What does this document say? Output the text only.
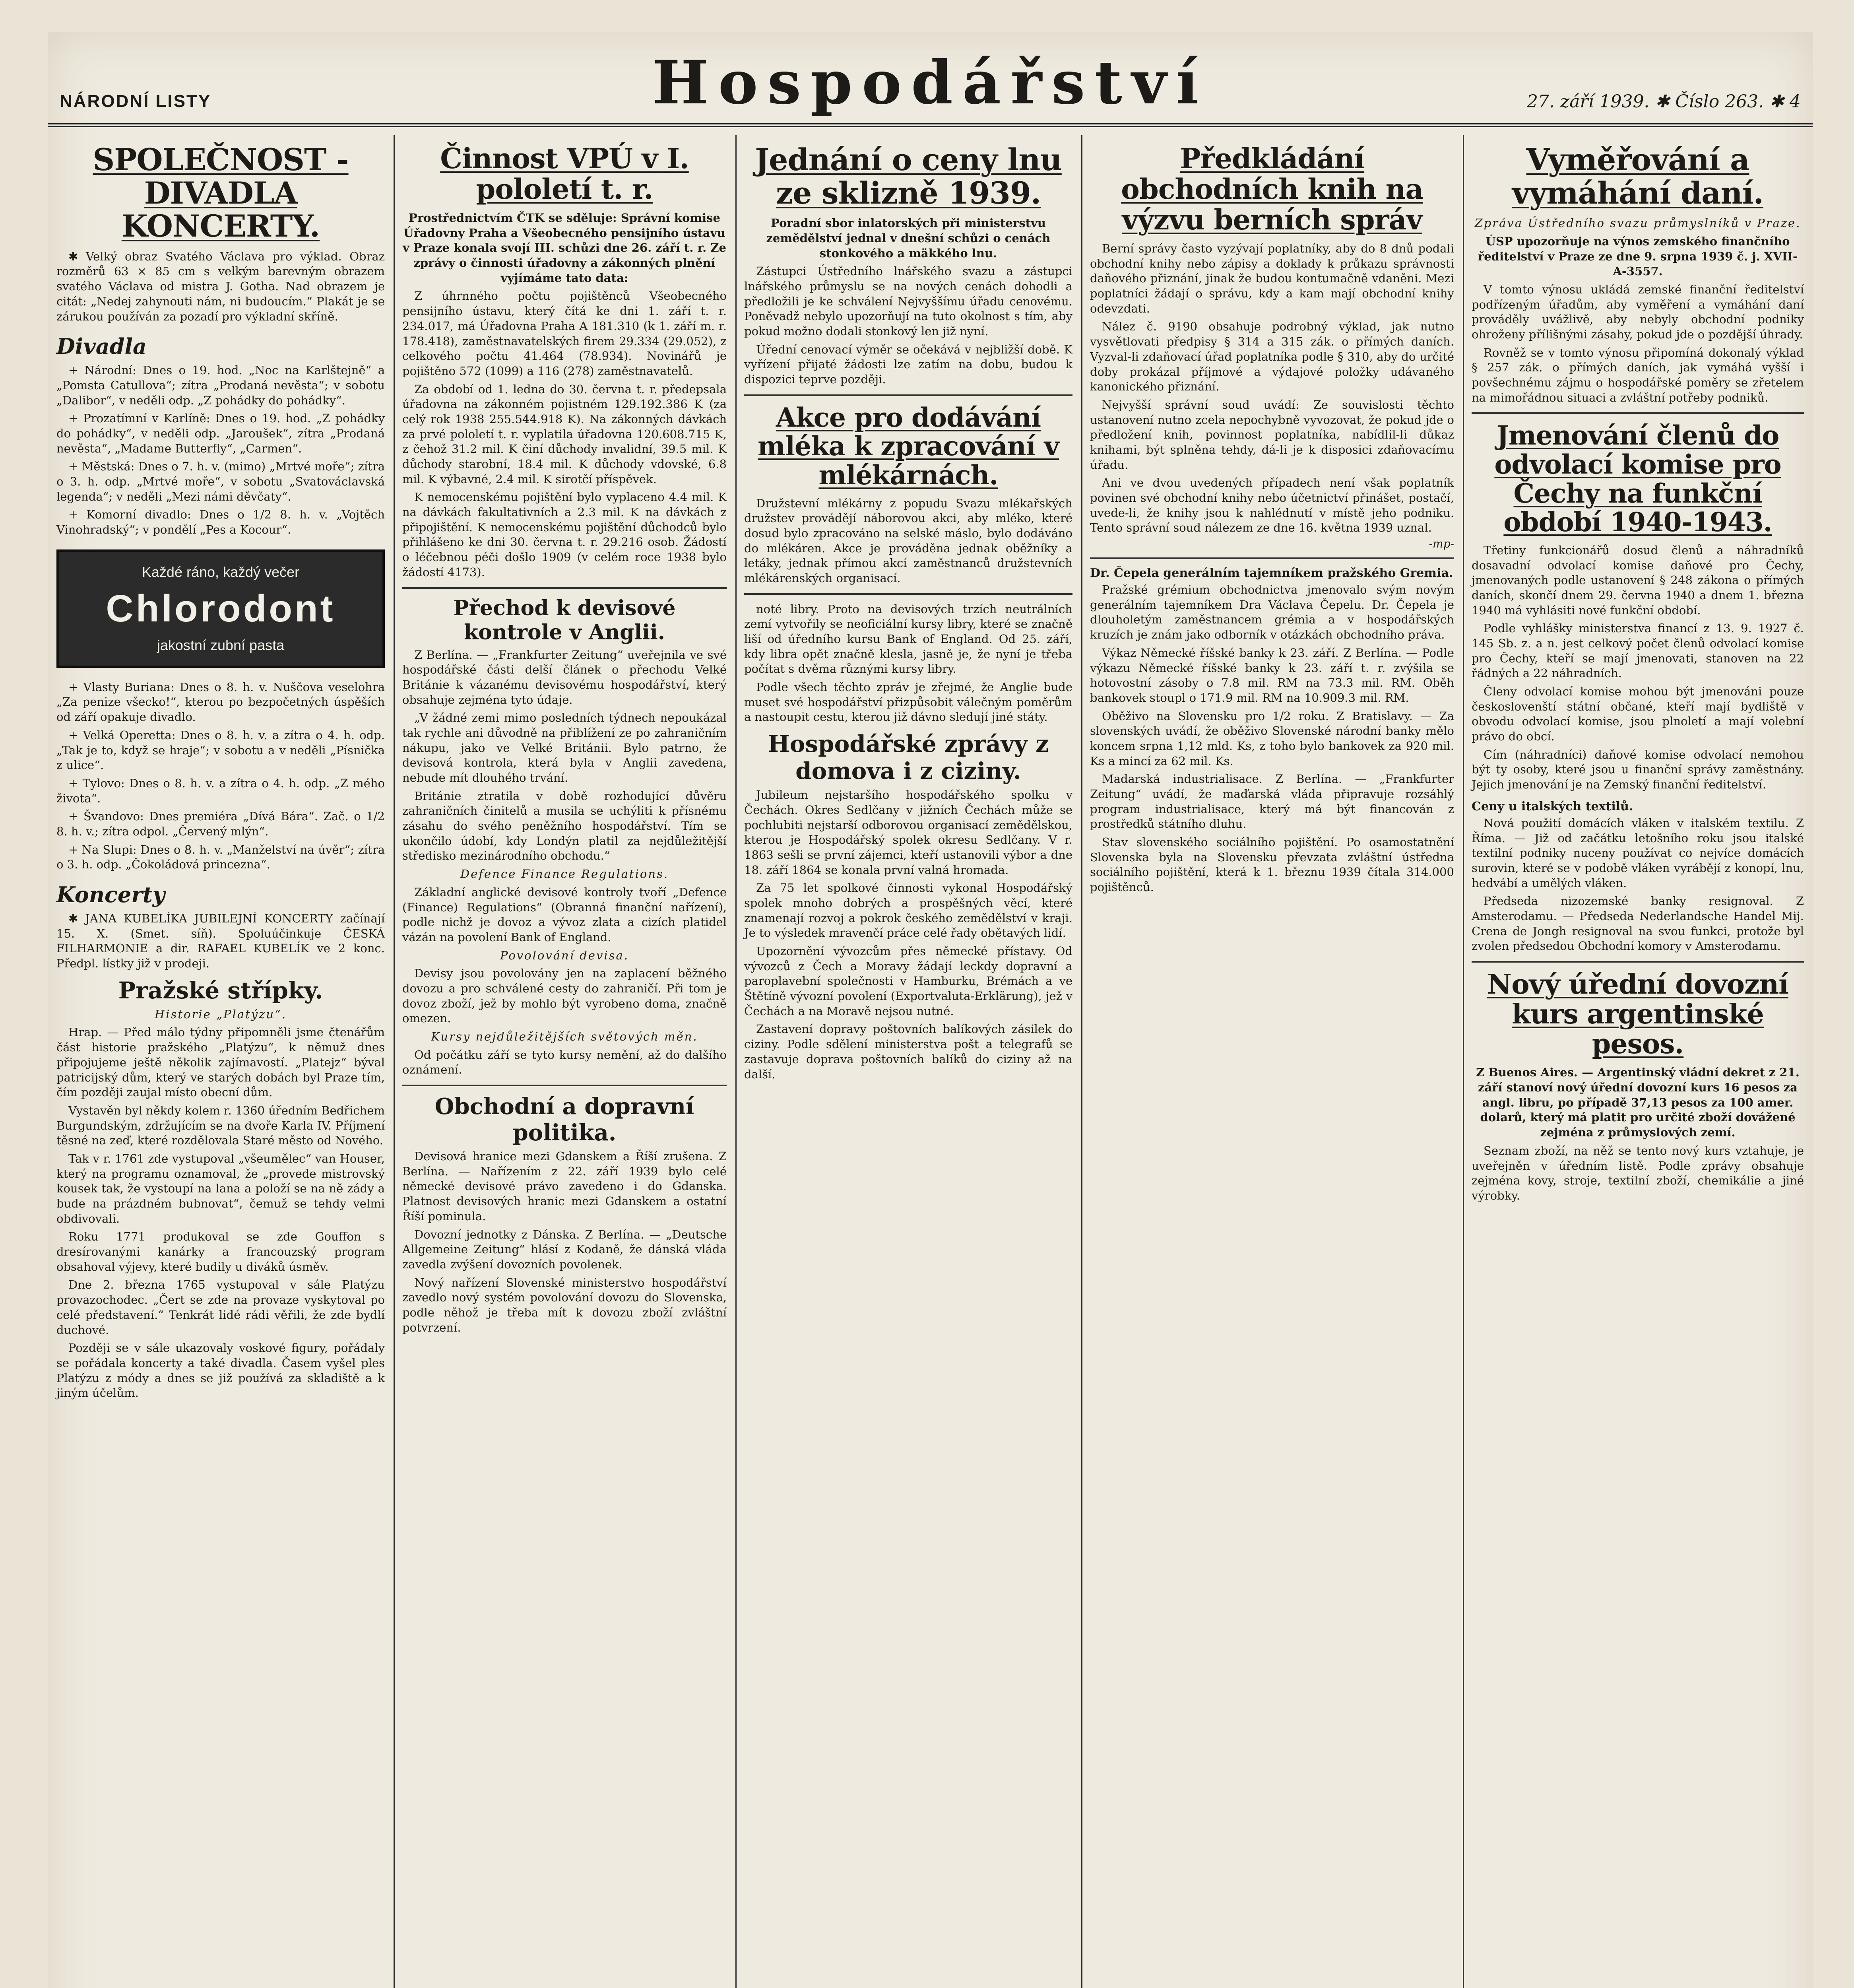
NÁRODNÍ LISTY	Hospodářství	27. září 1939. ✱ Číslo 263. ✱ 4
SPOLEČNOST - DIVADLA KONCERTY.

✱ Velký obraz Svatého Václava pro výklad. Obraz rozměrů 63 × 85 cm s velkým barevným obrazem svatého Václava od mistra J. Gotha. Nad obrazem je citát: „Nedej zahynouti nám, ni budoucím.“ Plakát je se zárukou používán za pozadí pro výkladní skříně.

Divadla

+ Národní: Dnes o 19. hod. „Noc na Karlštejně“ a „Pomsta Catullova“; zítra „Prodaná nevěsta“; v sobotu „Dalibor“, v neděli odp. „Z pohádky do pohádky“.

+ Prozatímní v Karlíně: Dnes o 19. hod. „Z pohádky do pohádky“, v neděli odp. „Jaroušek“, zítra „Prodaná nevěsta“, „Madame Butterfly“, „Carmen“.

+ Městská: Dnes o 7. h. v. (mimo) „Mrtvé moře“; zítra o 3. h. odp. „Mrtvé moře“, v sobotu „Svatováclavská legenda“; v neděli „Mezi námi děvčaty“.

+ Komorní divadlo: Dnes o 1/2 8. h. v. „Vojtěch Vinohradský“; v pondělí „Pes a Kocour“.

Každé ráno, každý večer
Chlorodont
jakostní zubní pasta

+ Vlasty Buriana: Dnes o 8. h. v. Nuščova veselohra „Za penize všecko!“, kterou po bezpočetných úspěších od září opakuje divadlo.

+ Velká Operetta: Dnes o 8. h. v. a zítra o 4. h. odp. „Tak je to, když se hraje“; v sobotu a v neděli „Písnička z ulice“.

+ Tylovo: Dnes o 8. h. v. a zítra o 4. h. odp. „Z mého života“.

+ Švandovo: Dnes premiéra „Dívá Bára“. Zač. o 1/2 8. h. v.; zítra odpol. „Červený mlýn“.

+ Na Slupi: Dnes o 8. h. v. „Manželství na úvěr“; zítra o 3. h. odp. „Čokoládová princezna“.

Koncerty

✱ JANA KUBELÍKA JUBILEJNÍ KONCERTY začínají 15. X. (Smet. síň). Spoluúčinkuje ČESKÁ FILHARMONIE a dir. RAFAEL KUBELÍK ve 2 konc. Předpl. lístky již v prodeji.

Pražské střípky.

Historie „Platýzu“.

Hrap. — Před málo týdny připomněli jsme čtenářům část historie pražského „Platýzu“, k němuž dnes připojujeme ještě několik zajímavostí. „Platejz“ býval patricijský dům, který ve starých dobách byl Praze tím, čím později zaujal místo obecní dům.

Vystavěn byl někdy kolem r. 1360 úředním Bedřichem Burgundským, zdržujícím se na dvoře Karla IV. Příjmení těsné na zeď, které rozdělovala Staré město od Nového.

Tak v r. 1761 zde vystupoval „všeumělec“ van Houser, který na programu oznamoval, že „provede mistrovský kousek tak, že vystoupí na lana a položí se na ně zády a bude na prázdném bubnovat“, čemuž se tehdy velmi obdivovali.

Roku 1771 produkoval se zde Gouffon s dresírovanými kanárky a francouzský program obsahoval výjevy, které budily u diváků úsměv.

Dne 2. března 1765 vystupoval v sále Platýzu provazochodec. „Čert se zde na provaze vyskytoval po celé představení.“ Tenkrát lidé rádi věřili, že zde bydlí duchové.

Později se v sále ukazovaly voskové figury, pořádaly se pořádala koncerty a také divadla. Časem vyšel ples Platýzu z módy a dnes se již používá za skladiště a k jiným účelům.

Činnost VPÚ v I. pololetí t. r.

Prostřednictvím ČTK se sděluje: Správní komise Úřadovny Praha a Všeobecného pensijního ústavu v Praze konala svojí III. schůzi dne 26. září t. r. Ze zprávy o činnosti úřadovny a zákonných plnění vyjímáme tato data:

Z úhrnného počtu pojištěnců Všeobecného pensijního ústavu, který čítá ke dni 1. září t. r. 234.017, má Úřadovna Praha A 181.310 (k 1. září m. r. 178.418), zaměstnavatelských firem 29.334 (29.052), z celkového počtu 41.464 (78.934). Novinářů je pojištěno 572 (1099) a 116 (278) zaměstnavatelů.

Za období od 1. ledna do 30. června t. r. předepsala úřadovna na zákonném pojistném 129.192.386 K (za celý rok 1938 255.544.918 K). Na zákonných dávkách za prvé pololetí t. r. vyplatila úřadovna 120.608.715 K, z čehož 31.2 mil. K činí důchody invalidní, 39.5 mil. K důchody starobní, 18.4 mil. K důchody vdovské, 6.8 mil. K výbavné, 2.4 mil. K sirotčí příspěvek.

K nemocenskému pojištění bylo vyplaceno 4.4 mil. K na dávkách fakultativních a 2.3 mil. K na dávkách z připojištění. K nemocenskému pojištění důchodců bylo přihlášeno ke dni 30. června t. r. 29.216 osob. Žádostí o léčebnou péči došlo 1909 (v celém roce 1938 bylo žádostí 4173).

Přechod k devisové kontrole v Anglii.

Z Berlína. — „Frankfurter Zeitung“ uveřejnila ve své hospodářské části delší článek o přechodu Velké Británie k vázanému devisovému hospodářství, který obsahuje zejména tyto údaje.

„V žádné zemi mimo posledních týdnech nepoukázal tak rychle ani důvodně na přiblížení ze po zahraničním nákupu, jako ve Velké Británii. Bylo patrno, že devisová kontrola, která byla v Anglii zavedena, nebude mít dlouhého trvání.

Británie ztratila v době rozhodující důvěru zahraničních činitelů a musila se uchýliti k přísnému zásahu do svého peněžního hospodářství. Tím se ukončilo údobí, kdy Londýn platil za nejdůležitější středisko mezinárodního obchodu.“

Defence Finance Regulations.

Základní anglické devisové kontroly tvoří „Defence (Finance) Regulations“ (Obranná finanční nařízení), podle nichž je dovoz a vývoz zlata a cizích platidel vázán na povolení Bank of England.

Povolování devisa.

Devisy jsou povolovány jen na zaplacení běžného dovozu a pro schválené cesty do zahraničí. Při tom je dovoz zboží, jež by mohlo být vyrobeno doma, značně omezen.

Kursy nejdůležitějších světových měn.

Od počátku září se tyto kursy nemění, až do dalšího oznámení.

Obchodní a dopravní politika.

Devisová hranice mezi Gdanskem a Říší zrušena. Z Berlína. — Nařízením z 22. září 1939 bylo celé německé devisové právo zavedeno i do Gdanska. Platnost devisových hranic mezi Gdanskem a ostatní Říší pominula.

Dovozní jednotky z Dánska. Z Berlína. — „Deutsche Allgemeine Zeitung“ hlásí z Kodaně, že dánská vláda zavedla zvýšení dovozních povolenek.

Nový nařízení Slovenské ministerstvo hospodářství zavedlo nový systém povolování dovozu do Slovenska, podle něhož je třeba mít k dovozu zboží zvláštní potvrzení.

Jednání o ceny lnu ze sklizně 1939.

Poradní sbor inlatorských při ministerstvu zemědělství jednal v dnešní schůzi o cenách stonkového a mäkkého lnu.

Zástupci Ústředního lnářského svazu a zástupci lnářského průmyslu se na nových cenách dohodli a předložili je ke schválení Nejvyššímu úřadu cenovému. Poněvadž nebylo upozorňují na tuto okolnost s tím, aby pokud možno dodali stonkový len již nyní.

Úřední cenovací výměr se očekává v nejbližší době. K vyřízení přijaté žádosti lze zatím na dobu, budou k dispozici teprve později.

Akce pro dodávání mléka k zpracování v mlékárnách.

Družstevní mlékárny z popudu Svazu mlékařských družstev provádějí náborovou akci, aby mléko, které dosud bylo zpracováno na selské máslo, bylo dodáváno do mlékáren. Akce je prováděna jednak oběžníky a letáky, jednak přímou akcí zaměstnanců družstevních mlékárenských organisací.

noté libry. Proto na devisových trzích neutrálních zemí vytvořily se neoficiální kursy libry, které se značně liší od úředního kursu Bank of England. Od 25. září, kdy libra opět značně klesla, jasně je, že nyní je třeba počítat s dvěma různými kursy libry.

Podle všech těchto zpráv je zřejmé, že Anglie bude muset své hospodářství přizpůsobit válečným poměrům a nastoupit cestu, kterou již dávno sledují jiné státy.

Hospodářské zprávy z domova i z ciziny.

Jubileum nejstaršího hospodářského spolku v Čechách. Okres Sedlčany v jižních Čechách může se pochlubiti nejstarší odborovou organisací zemědělskou, kterou je Hospodářský spolek okresu Sedlčany. V r. 1863 sešli se první zájemci, kteří ustanovili výbor a dne 18. září 1864 se konala první valná hromada.

Za 75 let spolkové činnosti vykonal Hospodářský spolek mnoho dobrých a prospěšných věcí, které znamenají rozvoj a pokrok českého zemědělství v kraji. Je to výsledek mravenčí práce celé řady obětavých lidí.

Upozornění vývozcům přes německé přístavy. Od vývozců z Čech a Moravy žádají leckdy dopravní a paroplavební společnosti v Hamburku, Brémách a ve Štětíně vývozní povolení (Exportvaluta-Erklärung), jež v Čechách a na Moravě nejsou nutné.

Zastavení dopravy poštovních balíkových zásilek do ciziny. Podle sdělení ministerstva pošt a telegrafů se zastavuje doprava poštovních balíků do ciziny až na další.

Předkládání obchodních knih na výzvu berních správ

Berní správy často vyzývají poplatníky, aby do 8 dnů podali obchodní knihy nebo zápisy a doklady k průkazu správnosti daňového přiznání, jinak že budou kontumačně vdaněni. Mezi poplatníci žádají o správu, kdy a kam mají obchodní knihy odevzdati.

Nález č. 9190 obsahuje podrobný výklad, jak nutno vysvětlovati předpisy § 314 a 315 zák. o přímých daních. Vyzval-li zdaňovací úřad poplatníka podle § 310, aby do určité doby prokázal příjmové a výdajové položky udávaného kanonického přiznání.

Nejvyšší správní soud uvádí: Ze souvislosti těchto ustanovení nutno zcela nepochybně vyvozovat, že pokud jde o předložení knih, povinnost poplatníka, nabídlil-li důkaz knihami, být splněna tehdy, dá-li je k disposici zdaňovacímu úřadu.

Ani ve dvou uvedených případech není však poplatník povinen své obchodní knihy nebo účetnictví přinášet, postačí, uvede-li, že knihy jsou k nahlédnutí v místě jeho podniku. Tento správní soud nálezem ze dne 16. května 1939 uznal.

-mp-
Dr. Čepela generálním tajemníkem pražského Gremia.

Pražské grémium obchodnictva jmenovalo svým novým generálním tajemníkem Dra Václava Čepelu. Dr. Čepela je dlouholetým zaměstnancem grémia a v hospodářských kruzích je znám jako odborník v otázkách obchodního práva.

Výkaz Německé říšské banky k 23. září. Z Berlína. — Podle výkazu Německé říšské banky k 23. září t. r. zvýšila se hotovostní zásoby o 7.8 mil. RM na 73.3 mil. RM. Oběh bankovek stoupl o 171.9 mil. RM na 10.909.3 mil. RM.

Oběživo na Slovensku pro 1/2 roku. Z Bratislavy. — Za slovenských uvádí, že oběživo Slovenské národní banky mělo koncem srpna 1,12 mld. Ks, z toho bylo bankovek za 920 mil. Ks a mincí za 62 mil. Ks.

Madarská industrialisace. Z Berlína. — „Frankfurter Zeitung“ uvádí, že maďarská vláda připravuje rozsáhlý program industrialisace, který má být financován z prostředků státního dluhu.

Stav slovenského sociálního pojištění. Po osamostatnění Slovenska byla na Slovensku převzata zvláštní ústředna sociálního pojištění, která k 1. březnu 1939 čítala 314.000 pojištěnců.

Vyměřování a vymáhání daní.

Zpráva Ústředního svazu průmyslníků v Praze.

ÚSP upozorňuje na výnos zemského finančního ředitelství v Praze ze dne 9. srpna 1939 č. j. XVII-A-3557.

V tomto výnosu ukládá zemské finanční ředitelství podřízeným úřadům, aby vyměření a vymáhání daní prováděly uvážlivě, aby nebyly obchodní podniky ohroženy přílišnými zásahy, pokud jde o pozdější úhrady.

Rovněž se v tomto výnosu připomíná dokonalý výklad § 257 zák. o přímých daních, jak vymáhá vyšší i povšechnému zájmu o hospodářské poměry se zřetelem na mimořádnou situaci a zvláštní potřeby podniků.

Jmenování členů do odvolací komise pro Čechy na funkční období 1940-1943.

Třetiny funkcionářů dosud členů a náhradníků dosavadní odvolací komise daňové pro Čechy, jmenovaných podle ustanovení § 248 zákona o přímých daních, skončí dnem 29. června 1940 a dnem 1. března 1940 má vyhlásiti nové funkční období.

Podle vyhlášky ministerstva financí z 13. 9. 1927 č. 145 Sb. z. a n. jest celkový počet členů odvolací komise pro Čechy, kteří se mají jmenovati, stanoven na 22 řádných a 22 náhradních.

Členy odvolací komise mohou být jmenováni pouze českoslovenští státní občané, kteří mají bydliště v obvodu odvolací komise, jsou plnoletí a mají volební právo do obcí.

Cím (náhradníci) daňové komise odvolací nemohou být ty osoby, které jsou u finanční správy zaměstnány. Jejich jmenování je na Zemský finanční ředitelství.

Ceny u italských textilů.

Nová použití domácích vláken v italském textilu. Z Říma. — Již od začátku letošního roku jsou italské textilní podniky nuceny používat co nejvíce domácích surovin, které se v podobě vláken vyrábějí z konopí, lnu, hedvábí a umělých vláken.

Předseda nizozemské banky resignoval. Z Amsterodamu. — Předseda Nederlandsche Handel Mij. Crena de Jongh resignoval na svou funkci, protože byl zvolen předsedou Obchodní komory v Amsterodamu.

Nový úřední dovozní kurs argentinské pesos.

Z Buenos Aires. — Argentinský vládní dekret z 21. září stanoví nový úřední dovozní kurs 16 pesos za angl. libru, po případě 37,13 pesos za 100 amer. dolarů, který má platit pro určité zboží dovážené zejména z průmyslových zemí.

Seznam zboží, na něž se tento nový kurs vztahuje, je uveřejněn v úředním listě. Podle zprávy obsahuje zejména kovy, stroje, textilní zboží, chemikálie a jiné výrobky.
